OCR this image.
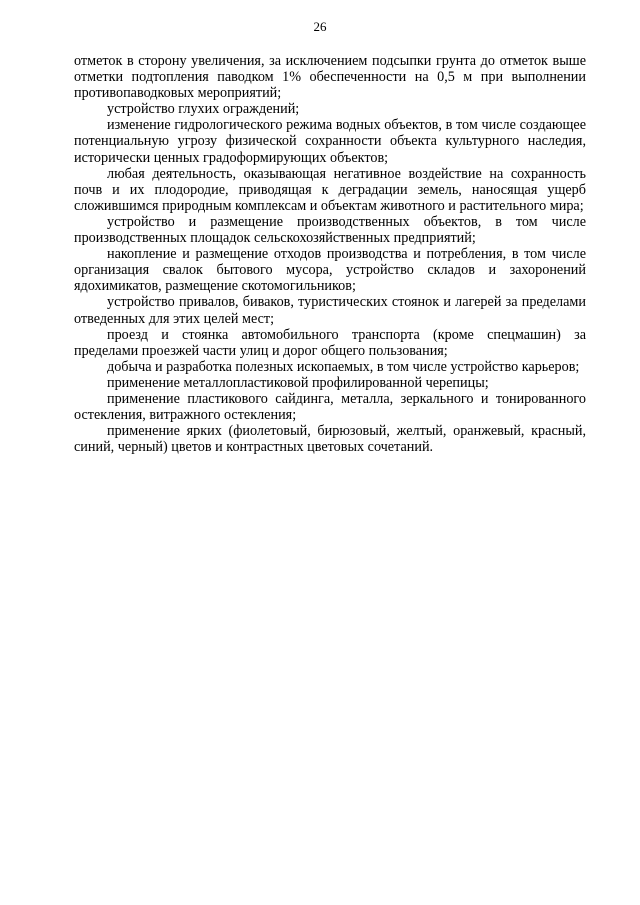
26

отметок в сторону увеличения, за исключением подсыпки грунта до отметок выше отметки подтопления паводком 1% обеспеченности на 0,5 м при выполнении противопаводковых мероприятий;

устройство глухих ограждений;

изменение гидрологического режима водных объектов, в том числе создающее потенциальную угрозу физической сохранности объекта культурного наследия, исторически ценных градоформирующих объектов;

любая деятельность, оказывающая негативное воздействие на сохранность почв и их плодородие, приводящая к деградации земель, наносящая ущерб сложившимся природным комплексам и объектам животного и растительного мира;

устройство и размещение производственных объектов, в том числе производственных площадок сельскохозяйственных предприятий;

накопление и размещение отходов производства и потребления, в том числе организация свалок бытового мусора, устройство складов и захоронений ядохимикатов, размещение скотомогильников;

устройство привалов, биваков, туристических стоянок и лагерей за пределами отведенных для этих целей мест;

проезд и стоянка автомобильного транспорта (кроме спецмашин) за пределами проезжей части улиц и дорог общего пользования;

добыча и разработка полезных ископаемых, в том числе устройство карьеров;

применение металлопластиковой профилированной черепицы;

применение пластикового сайдинга, металла, зеркального и тонированного остекления, витражного остекления;

применение ярких (фиолетовый, бирюзовый, желтый, оранжевый, красный, синий, черный) цветов и контрастных цветовых сочетаний.
